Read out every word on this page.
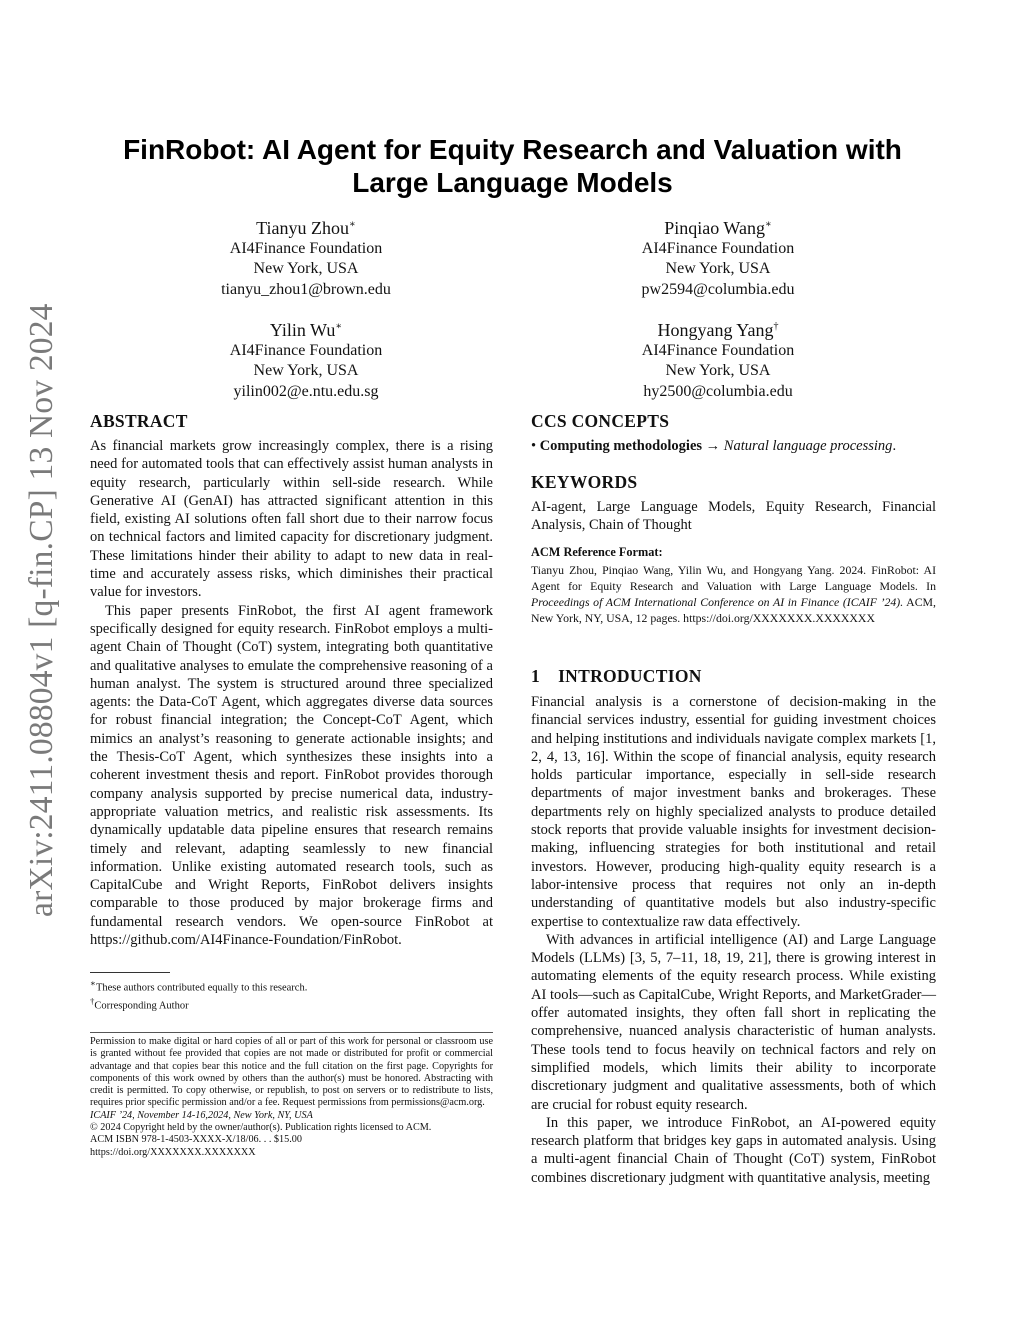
arXiv:2411.08804v1 [q-fin.CP] 13 Nov 2024
FinRobot: AI Agent for Equity Research and Valuation with Large Language Models
Tianyu Zhou∗
AI4Finance Foundation
New York, USA
tianyu_zhou1@brown.edu
Pinqiao Wang∗
AI4Finance Foundation
New York, USA
pw2594@columbia.edu
Yilin Wu∗
AI4Finance Foundation
New York, USA
yilin002@e.ntu.edu.sg
Hongyang Yang†
AI4Finance Foundation
New York, USA
hy2500@columbia.edu
ABSTRACT

As financial markets grow increasingly complex, there is a rising need for automated tools that can effectively assist human analysts in equity research, particularly within sell-side research. While Generative AI (GenAI) has attracted significant attention in this field, existing AI solutions often fall short due to their narrow focus on technical factors and limited capacity for discretionary judgment. These limitations hinder their ability to adapt to new data in real-time and accurately assess risks, which diminishes their practical value for investors.

This paper presents FinRobot, the first AI agent framework specifically designed for equity research. FinRobot employs a multi-agent Chain of Thought (CoT) system, integrating both quantitative and qualitative analyses to emulate the comprehensive reasoning of a human analyst. The system is structured around three specialized agents: the Data-CoT Agent, which aggregates diverse data sources for robust financial integration; the Concept-CoT Agent, which mimics an analyst’s reasoning to generate actionable insights; and the Thesis-CoT Agent, which synthesizes these insights into a coherent investment thesis and report. FinRobot provides thorough company analysis supported by precise numerical data, industry-appropriate valuation metrics, and realistic risk assessments. Its dynamically updatable data pipeline ensures that research remains timely and relevant, adapting seamlessly to new financial information. Unlike existing automated research tools, such as CapitalCube and Wright Reports, FinRobot delivers insights comparable to those produced by major brokerage firms and fundamental research vendors. We open-source FinRobot at https://github.com/AI4Finance-Foundation/FinRobot.

∗These authors contributed equally to this research.
†Corresponding Author
Permission to make digital or hard copies of all or part of this work for personal or classroom use is granted without fee provided that copies are not made or distributed for profit or commercial advantage and that copies bear this notice and the full citation on the first page. Copyrights for components of this work owned by others than the author(s) must be honored. Abstracting with credit is permitted. To copy otherwise, or republish, to post on servers or to redistribute to lists, requires prior specific permission and/or a fee. Request permissions from permissions@acm.org.
ICAIF ’24, November 14-16,2024, New York, NY, USA
© 2024 Copyright held by the owner/author(s). Publication rights licensed to ACM.
ACM ISBN 978-1-4503-XXXX-X/18/06. . . $15.00
https://doi.org/XXXXXXX.XXXXXXX
CCS CONCEPTS
• Computing methodologies → Natural language processing.
KEYWORDS
AI-agent, Large Language Models, Equity Research, Financial Analysis, Chain of Thought
ACM Reference Format:
Tianyu Zhou, Pinqiao Wang, Yilin Wu, and Hongyang Yang. 2024. FinRobot: AI Agent for Equity Research and Valuation with Large Language Models. In Proceedings of ACM International Conference on AI in Finance (ICAIF ’24). ACM, New York, NY, USA, 12 pages. https://doi.org/XXXXXXX.XXXXXXX
1 INTRODUCTION

Financial analysis is a cornerstone of decision-making in the financial services industry, essential for guiding investment choices and helping institutions and individuals navigate complex markets [1, 2, 4, 13, 16]. Within the scope of financial analysis, equity research holds particular importance, especially in sell-side research departments of major investment banks and brokerages. These departments rely on highly specialized analysts to produce detailed stock reports that provide valuable insights for investment decision-making, influencing strategies for both institutional and retail investors. However, producing high-quality equity research is a labor-intensive process that requires not only an in-depth understanding of quantitative models but also industry-specific expertise to contextualize raw data effectively.

With advances in artificial intelligence (AI) and Large Language Models (LLMs) [3, 5, 7–11, 18, 19, 21], there is growing interest in automating elements of the equity research process. While existing AI tools—such as CapitalCube, Wright Reports, and MarketGrader—offer automated insights, they often fall short in replicating the comprehensive, nuanced analysis characteristic of human analysts. These tools tend to focus heavily on technical factors and rely on simplified models, which limits their ability to incorporate discretionary judgment and qualitative assessments, both of which are crucial for robust equity research.

In this paper, we introduce FinRobot, an AI-powered equity research platform that bridges key gaps in automated analysis. Using a multi-agent financial Chain of Thought (CoT) system, FinRobot combines discretionary judgment with quantitative analysis, meeting
